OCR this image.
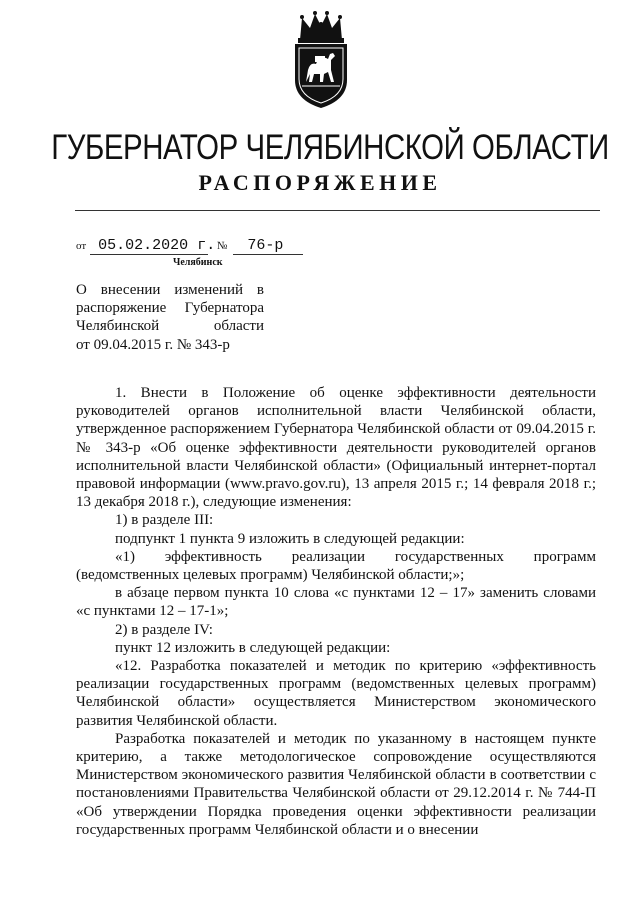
ГУБЕРНАТОР ЧЕЛЯБИНСКОЙ ОБЛАСТИ
РАСПОРЯЖЕНИЕ
от 05.02.2020 г. № 76-р
Челябинск
О внесении изменений в
распоряжение Губернатора
Челябинской области
от 09.04.2015 г. № 343-р

1. Внести в Положение об оценке эффективности деятельности руководителей органов исполнительной власти Челябинской области, утвержденное распоряжением Губернатора Челябинской области от 09.04.2015 г. № 343-р «Об оценке эффективности деятельности руководителей органов исполнительной власти Челябинской области» (Официальный интернет-портал правовой информации (www.pravo.gov.ru), 13 апреля 2015 г.; 14 февраля 2018 г.; 13 декабря 2018 г.), следующие изменения:

1) в разделе III:

подпункт 1 пункта 9 изложить в следующей редакции:

«1) эффективность реализации государственных программ (ведомственных целевых программ) Челябинской области;»;

в абзаце первом пункта 10 слова «с пунктами 12 – 17» заменить словами «с пунктами 12 – 17-1»;

2) в разделе IV:

пункт 12 изложить в следующей редакции:

«12. Разработка показателей и методик по критерию «эффективность реализации государственных программ (ведомственных целевых программ) Челябинской области» осуществляется Министерством экономического развития Челябинской области.

Разработка показателей и методик по указанному в настоящем пункте критерию, а также методологическое сопровождение осуществляются Министерством экономического развития Челябинской области в соответствии с постановлениями Правительства Челябинской области от 29.12.2014 г. № 744-П «Об утверждении Порядка проведения оценки эффективности реализации государственных программ Челябинской области и о внесении
